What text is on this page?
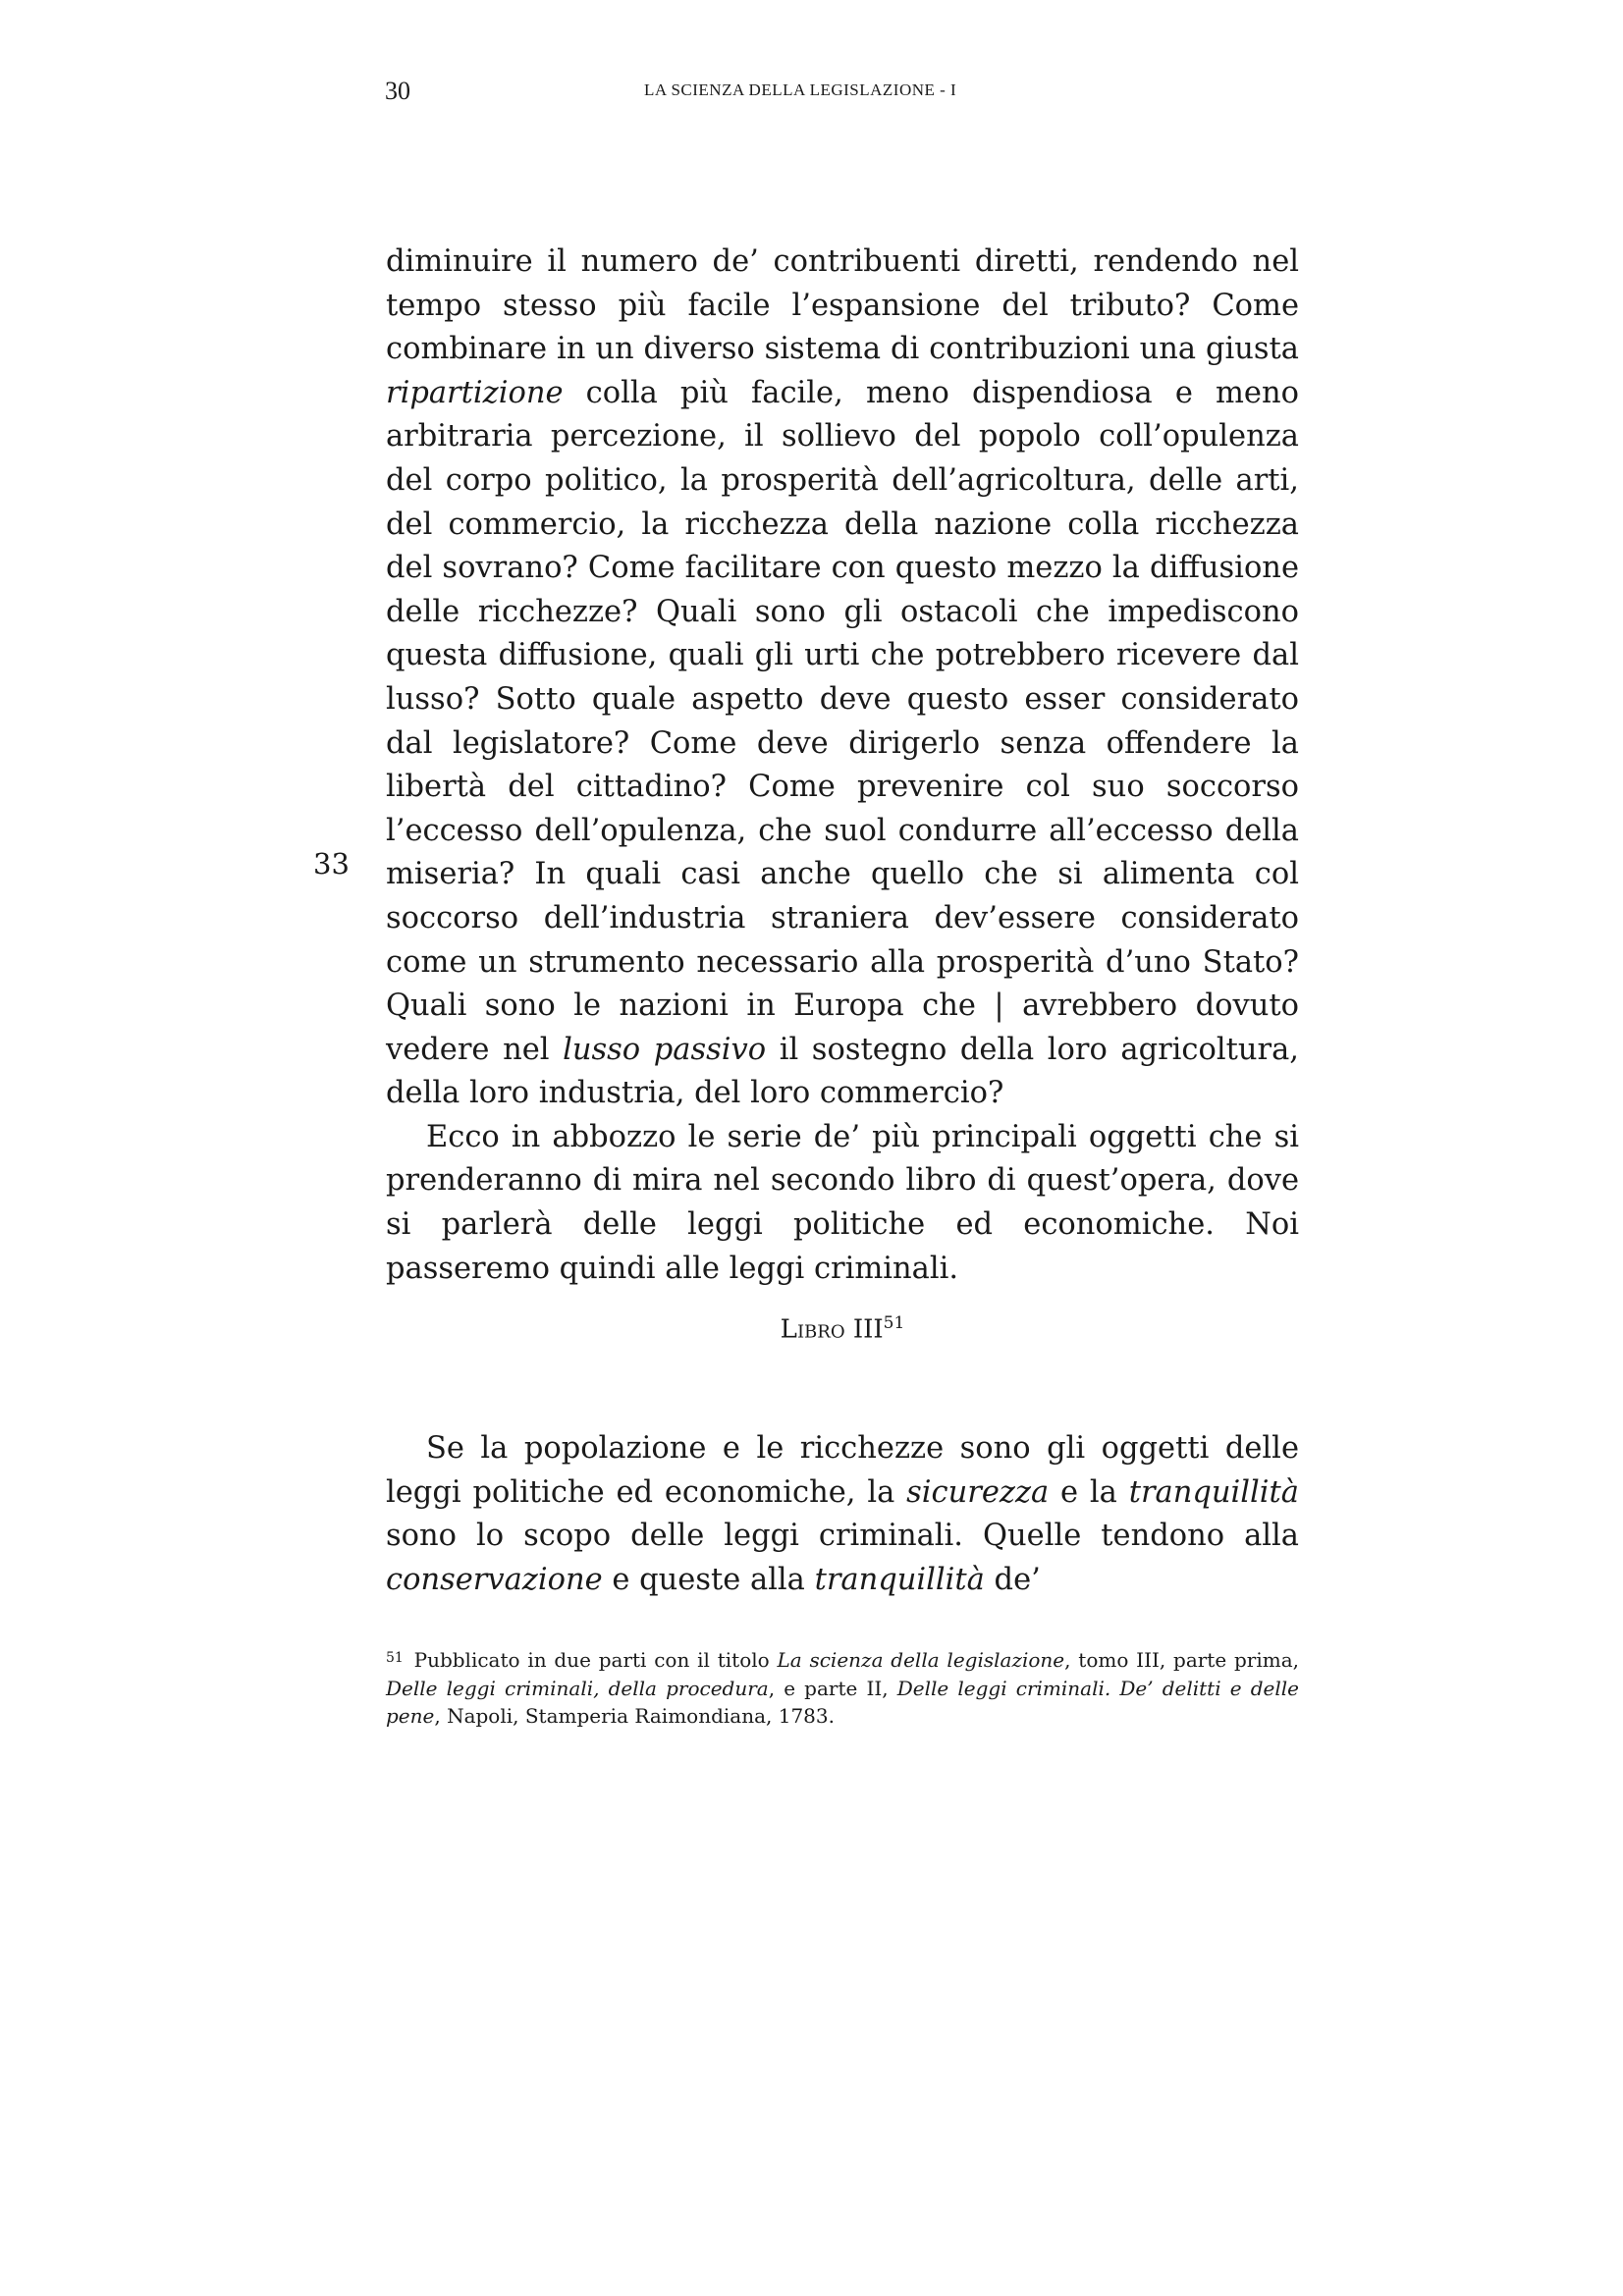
30	LA SCIENZA DELLA LEGISLAZIONE - I

diminuire il numero de’ contribuenti diretti, rendendo nel tempo stesso più facile l’espansione del tributo? Come combinare in un diverso sistema di contribuzioni una giusta ripartizione colla più facile, meno dispendiosa e meno arbitraria percezione, il sollievo del popolo coll’opulenza del corpo politico, la prosperità dell’agricoltura, delle arti, del commercio, la ricchezza della nazione colla ricchezza del sovrano? Come facilitare con questo mezzo la diffusione delle ricchezze? Quali sono gli ostacoli che impediscono questa diffusione, quali gli urti che potrebbero ricevere dal lusso? Sotto quale aspetto deve questo esser considerato dal legislatore? Come deve dirigerlo senza offendere la libertà del cittadino? Come prevenire col suo soccorso l’eccesso dell’opulenza, che suol condurre all’eccesso della miseria? In quali casi anche quello che si alimenta col soccorso dell’industria straniera dev’essere considerato come un strumento necessario alla prosperità d’uno Stato? Quali sono le nazioni in Europa che | avrebbero dovuto vedere nel lusso passivo il sostegno della loro agricoltura, della loro industria, del loro commercio?

Ecco in abbozzo le serie de’ più principali oggetti che si prenderanno di mira nel secondo libro di quest’opera, dove si parlerà delle leggi politiche ed economiche. Noi passeremo quindi alle leggi criminali.

33
Libro III$^{51}$

Se la popolazione e le ricchezze sono gli oggetti delle leggi politiche ed economiche, la sicurezza e la tranquillità sono lo scopo delle leggi criminali. Quelle tendono alla conservazione e queste alla tranquillità de’

$^{51}$ Pubblicato in due parti con il titolo La scienza della legislazione, tomo III, parte prima, Delle leggi criminali, della procedura, e parte II, Delle leggi criminali. De’ delitti e delle pene, Napoli, Stamperia Raimondiana, 1783.
